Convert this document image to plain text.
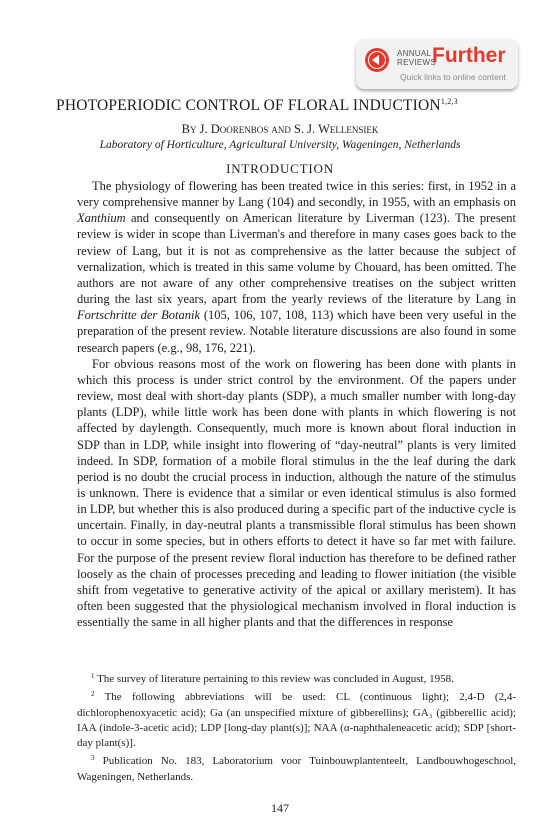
ANNUAL
REVIEWS
Further
Quick links to online content
PHOTOPERIODIC CONTROL OF FLORAL INDUCTION$^{1,2,3}$
By J. Doorenbos and S. J. Wellensiek
Laboratory of Horticulture, Agricultural University, Wageningen, Netherlands
INTRODUCTION

The physiology of flowering has been treated twice in this series: first, in 1952 in a very comprehensive manner by Lang (104) and secondly, in 1955, with an emphasis on Xanthium and consequently on American literature by Liverman (123). The present review is wider in scope than Liverman's and therefore in many cases goes back to the review of Lang, but it is not as comprehensive as the latter because the subject of vernalization, which is treated in this same volume by Chouard, has been omitted. The authors are not aware of any other comprehensive treatises on the subject written during the last six years, apart from the yearly reviews of the literature by Lang in Fortschritte der Botanik (105, 106, 107, 108, 113) which have been very useful in the preparation of the present review. Notable literature discussions are also found in some research papers (e.g., 98, 176, 221).

For obvious reasons most of the work on flowering has been done with plants in which this process is under strict control by the environment. Of the papers under review, most deal with short-day plants (SDP), a much smaller number with long-day plants (LDP), while little work has been done with plants in which flowering is not affected by daylength. Consequently, much more is known about floral induction in SDP than in LDP, while insight into flowering of “day-neutral” plants is very limited indeed. In SDP, formation of a mobile floral stimulus in the the leaf during the dark period is no doubt the crucial process in induction, although the nature of the stimulus is unknown. There is evidence that a similar or even identical stimulus is also formed in LDP, but whether this is also produced during a specific part of the inductive cycle is uncertain. Finally, in day-neutral plants a transmissible floral stimulus has been shown to occur in some species, but in others efforts to detect it have so far met with failure. For the purpose of the present review floral induction has therefore to be defined rather loosely as the chain of processes preceding and leading to flower initiation (the visible shift from vegetative to generative activity of the apical or axillary meristem). It has often been suggested that the physiological mechanism involved in floral induction is essentially the same in all higher plants and that the differences in response

$^1$ The survey of literature pertaining to this review was concluded in August, 1958.

$^2$ The following abbreviations will be used: CL (continuous light); 2,4-D (2,4-dichlorophenoxyacetic acid); Ga (an unspecified mixture of gibberellins); GA₃ (gibberellic acid); IAA (indole-3-acetic acid); LDP [long-day plant(s)]; NAA (α-naphthaleneacetic acid); SDP [short-day plant(s)].

$^3$ Publication No. 183, Laboratorium voor Tuinbouwplantenteelt, Landbouwhogeschool, Wageningen, Netherlands.

147
